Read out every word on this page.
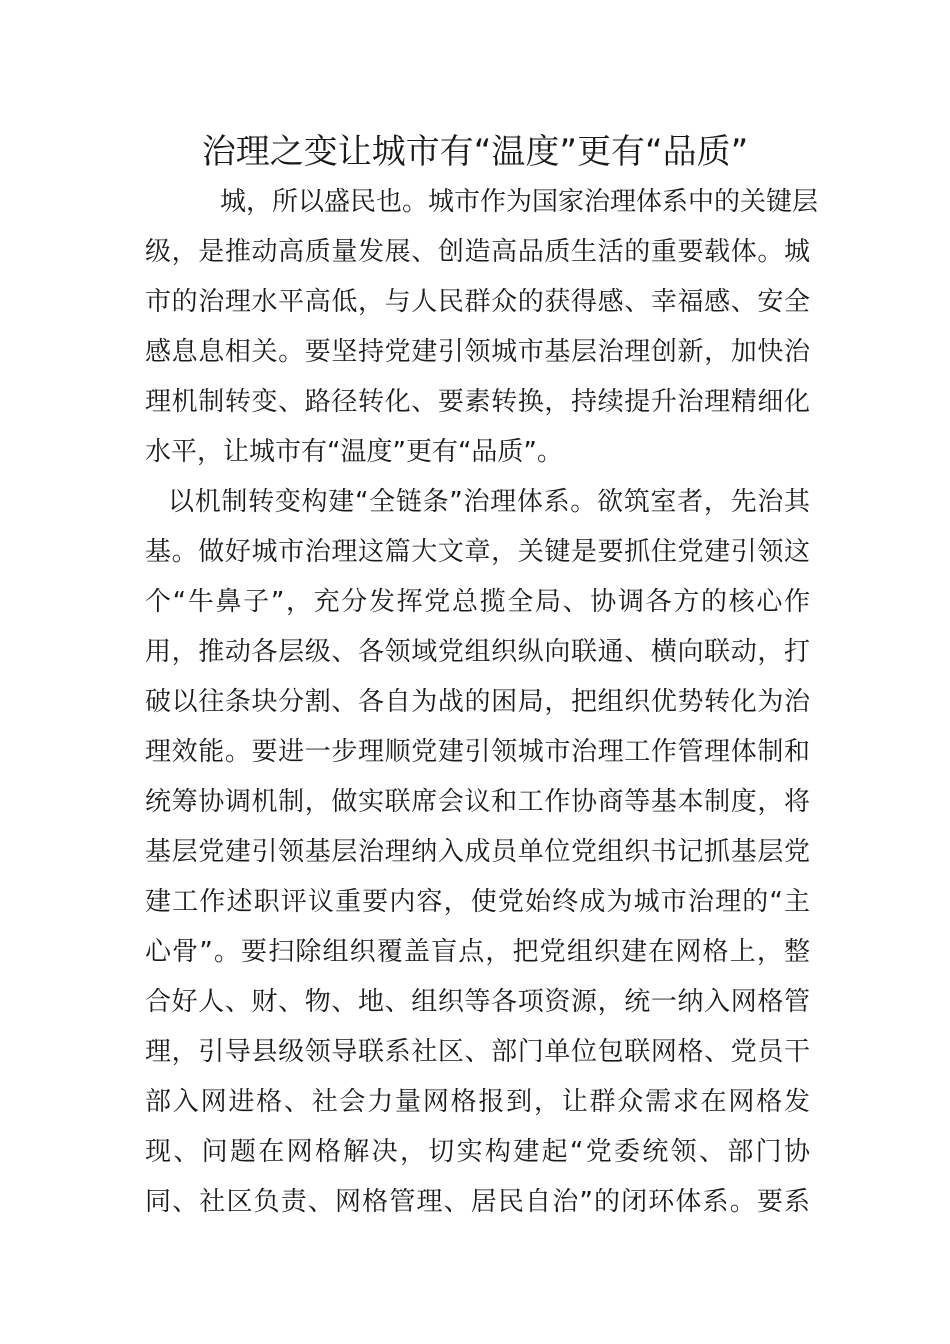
治理之变让城市有“温度”更有“品质”
城，所以盛民也。城市作为国家治理体系中的关键层
级，是推动高质量发展、创造高品质生活的重要载体。城
市的治理水平高低，与人民群众的获得感、幸福感、安全
感息息相关。要坚持党建引领城市基层治理创新，加快治
理机制转变、路径转化、要素转换，持续提升治理精细化
水平，让城市有“温度”更有“品质”。
以机制转变构建“全链条”治理体系。欲筑室者，先治其
基。做好城市治理这篇大文章，关键是要抓住党建引领这
个“牛鼻子”，充分发挥党总揽全局、协调各方的核心作
用，推动各层级、各领域党组织纵向联通、横向联动，打
破以往条块分割、各自为战的困局，把组织优势转化为治
理效能。要进一步理顺党建引领城市治理工作管理体制和
统筹协调机制，做实联席会议和工作协商等基本制度，将
基层党建引领基层治理纳入成员单位党组织书记抓基层党
建工作述职评议重要内容，使党始终成为城市治理的“主
心骨”。要扫除组织覆盖盲点，把党组织建在网格上，整
合好人、财、物、地、组织等各项资源，统一纳入网格管
理，引导县级领导联系社区、部门单位包联网格、党员干
部入网进格、社会力量网格报到，让群众需求在网格发
现、问题在网格解决，切实构建起“党委统领、部门协
同、社区负责、网格管理、居民自治”的闭环体系。要系
